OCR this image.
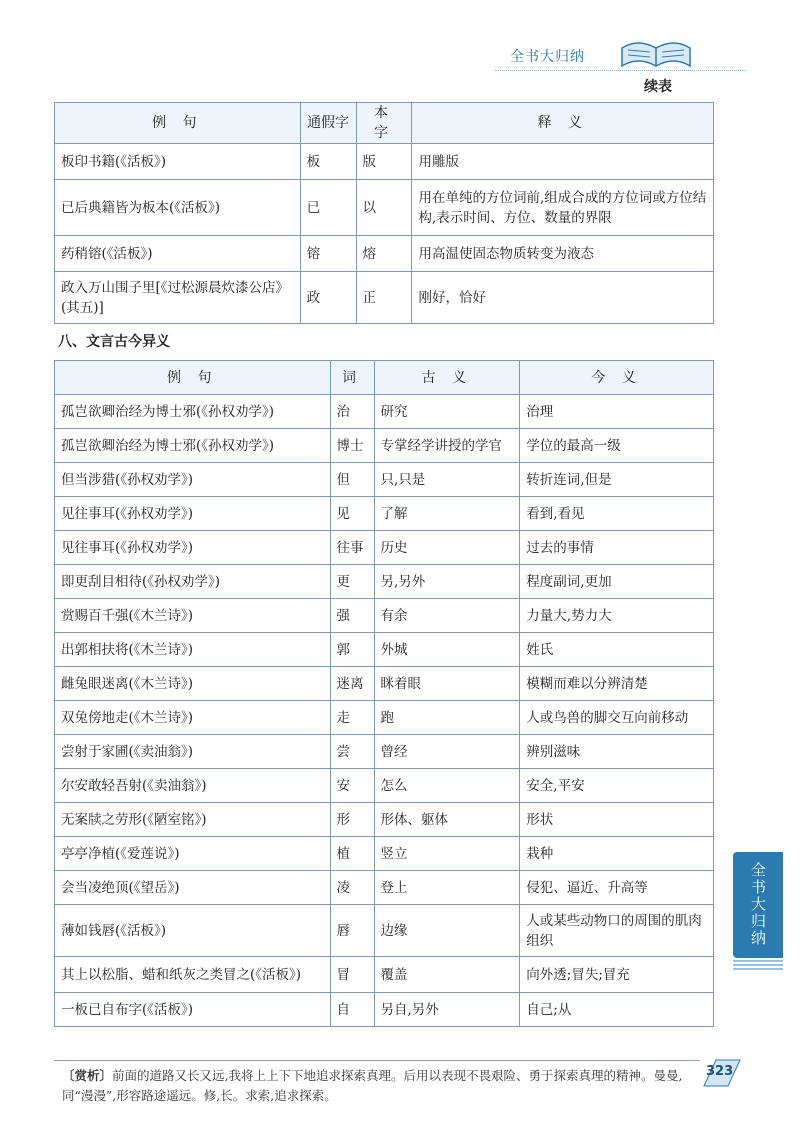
全书大归纳
续表
例 句	通假字	本 字	释 义
板印书籍(《活板》)	板	版	用雕版
已后典籍皆为板本(《活板》)	已	以	用在单纯的方位词前,组成合成的方位词或方位结构,表示时间、方位、数量的界限
药稍镕(《活板》)	镕	熔	用高温使固态物质转变为液态
政入万山围子里[《过松源晨炊漆公店》(其五)]	政	正	刚好，恰好
八、文言古今异义
例 句	词	古 义	今 义
孤岂欲卿治经为博士邪(《孙权劝学》)	治	研究	治理
孤岂欲卿治经为博士邪(《孙权劝学》)	博士	专掌经学讲授的学官	学位的最高一级
但当涉猎(《孙权劝学》)	但	只,只是	转折连词,但是
见往事耳(《孙权劝学》)	见	了解	看到,看见
见往事耳(《孙权劝学》)	往事	历史	过去的事情
即更刮目相待(《孙权劝学》)	更	另,另外	程度副词,更加
赏赐百千强(《木兰诗》)	强	有余	力量大,势力大
出郭相扶将(《木兰诗》)	郭	外城	姓氏
雌兔眼迷离(《木兰诗》)	迷离	眯着眼	模糊而难以分辨清楚
双兔傍地走(《木兰诗》)	走	跑	人或鸟兽的脚交互向前移动
尝射于家圃(《卖油翁》)	尝	曾经	辨别滋味
尔安敢轻吾射(《卖油翁》)	安	怎么	安全,平安
无案牍之劳形(《陋室铭》)	形	形体、躯体	形状
亭亭净植(《爱莲说》)	植	竖立	栽种
会当凌绝顶(《望岳》)	凌	登上	侵犯、逼近、升高等
薄如钱唇(《活板》)	唇	边缘	人或某些动物口的周围的肌肉组织
其上以松脂、蜡和纸灰之类冒之(《活板》)	冒	覆盖	向外透;冒失;冒充
一板已自布字(《活板》)	自	另自,另外	自己;从
全书大归纳
〔赏析〕前面的道路又长又远,我将上上下下地追求探索真理。后用以表现不畏艰险、勇于探索真理的精神。曼曼,同“漫漫”,形容路途遥远。修,长。求索,追求探索。
323
